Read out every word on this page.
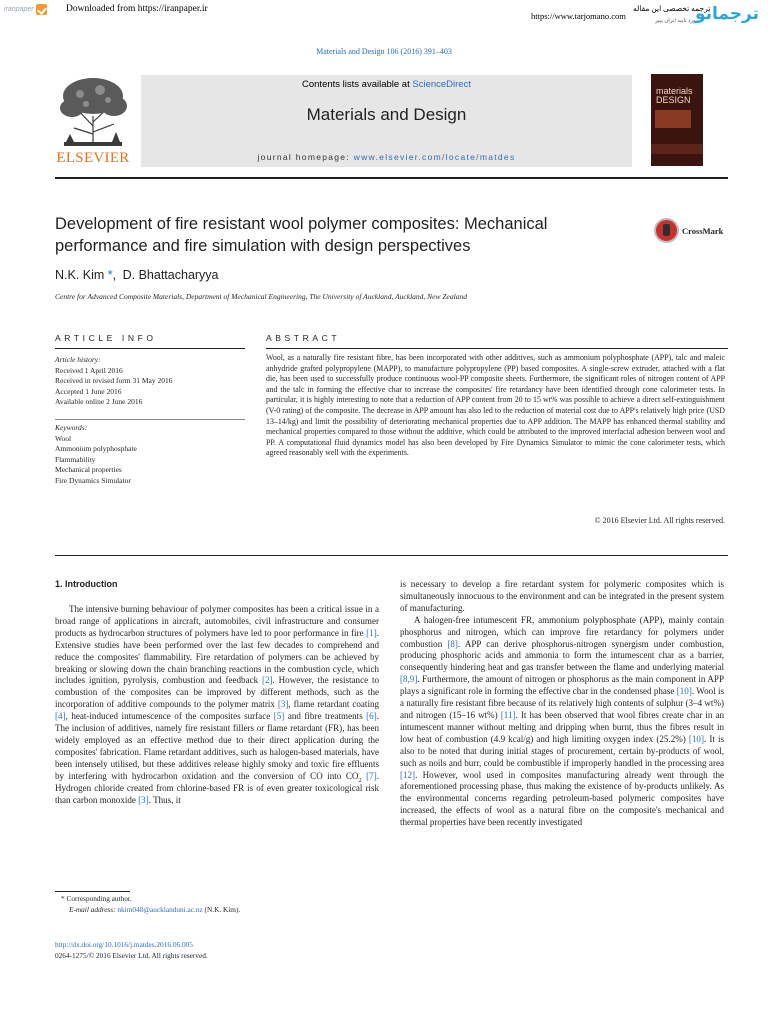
iranpaper	Downloaded from https://iranpaper.ir
https://www.tarjomano.com
ترجمه تخصصی این مقاله
مورد تایید ایران پیپر
ترجمانو
Materials and Design 106 (2016) 391–403
ELSEVIER
Contents lists available at ScienceDirect
Materials and Design
journal homepage: www.elsevier.com/locate/matdes
materials
DESIGN
Development of fire resistant wool polymer composites: Mechanical performance and fire simulation with design perspectives
CrossMark
N.K. Kim *, D. Bhattacharyya
Centre for Advanced Composite Materials, Department of Mechanical Engineering, The University of Auckland, Auckland, New Zealand
ARTICLE INFO	ABSTRACT
Article history:
Received 1 April 2016
Received in revised form 31 May 2016
Accepted 1 June 2016
Available online 2 June 2016
Keywords:
Wool
Ammonium polyphosphate
Flammability
Mechanical properties
Fire Dynamics Simulator
Wool, as a naturally fire resistant fibre, has been incorporated with other additives, such as ammonium polyphosphate (APP), talc and maleic anhydride grafted polypropylene (MAPP), to manufacture polypropylene (PP) based composites. A single-screw extruder, attached with a flat die, has been used to successfully produce continuous wool-PP composite sheets. Furthermore, the significant roles of nitrogen content of APP and the talc in forming the effective char to increase the composites' fire retardancy have been identified through cone calorimeter tests. In particular, it is highly interesting to note that a reduction of APP content from 20 to 15 wt% was possible to achieve a direct self-extinguishment (V-0 rating) of the composite. The decrease in APP amount has also led to the reduction of material cost due to APP's relatively high price (USD 13–14/kg) and limit the possibility of deteriorating mechanical properties due to APP addition. The MAPP has enhanced thermal stability and mechanical properties compared to those without the additive, which could be attributed to the improved interfacial adhesion between wool and PP. A computational fluid dynamics model has also been developed by Fire Dynamics Simulator to mimic the cone calorimeter tests, which agreed reasonably well with the experiments.
© 2016 Elsevier Ltd. All rights reserved.
1. Introduction

The intensive burning behaviour of polymer composites has been a critical issue in a broad range of applications in aircraft, automobiles, civil infrastructure and consumer products as hydrocarbon structures of polymers have led to poor performance in fire [1]. Extensive studies have been performed over the last few decades to comprehend and reduce the composites' flammability. Fire retardation of polymers can be achieved by breaking or slowing down the chain branching reactions in the combustion cycle, which includes ignition, pyrolysis, combustion and feedback [2]. However, the resistance to combustion of the composites can be improved by different methods, such as the incorporation of additive compounds to the polymer matrix [3], flame retardant coating [4], heat-induced intumescence of the composites surface [5] and fibre treatments [6]. The inclusion of additives, namely fire resistant fillers or flame retardant (FR), has been widely employed as an effective method due to their direct application during the composites' fabrication. Flame retardant additives, such as halogen-based materials, have been intensely utilised, but these additives release highly smoky and toxic fire effluents by interfering with hydrocarbon oxidation and the conversion of CO into $CO_2$ [7]. Hydrogen chloride created from chlorine-based FR is of even greater toxicological risk than carbon monoxide [3]. Thus, it

is necessary to develop a fire retardant system for polymeric composites which is simultaneously innocuous to the environment and can be integrated in the present system of manufacturing.

A halogen-free intumescent FR, ammonium polyphosphate (APP), mainly contain phosphorus and nitrogen, which can improve fire retardancy for polymers under combustion [8]. APP can derive phosphorus-nitrogen synergism under combustion, producing phosphoric acids and ammonia to form the intumescent char as a barrier, consequently hindering heat and gas transfer between the flame and underlying material [8,9]. Furthermore, the amount of nitrogen or phosphorus as the main component in APP plays a significant role in forming the effective char in the condensed phase [10]. Wool is a naturally fire resistant fibre because of its relatively high contents of sulphur (3–4 wt%) and nitrogen (15–16 wt%) [11]. It has been observed that wool fibres create char in an intumescent manner without melting and dripping when burnt, thus the fibres result in low heat of combustion (4.9 kcal/g) and high limiting oxygen index (25.2%) [10]. It is also to be noted that during initial stages of procurement, certain by-products of wool, such as noils and burr, could be combustible if improperly handled in the processing area [12]. However, wool used in composites manufacturing already went through the aforementioned processing phase, thus making the existence of by-products unlikely. As the environmental concerns regarding petroleum-based polymeric composites have increased, the effects of wool as a natural fibre on the composite's mechanical and thermal properties have been recently investigated

* Corresponding author.
E-mail address: nkim048@aucklanduni.ac.nz (N.K. Kim).
http://dx.doi.org/10.1016/j.matdes.2016.06.005
0264-1275/© 2016 Elsevier Ltd. All rights reserved.
